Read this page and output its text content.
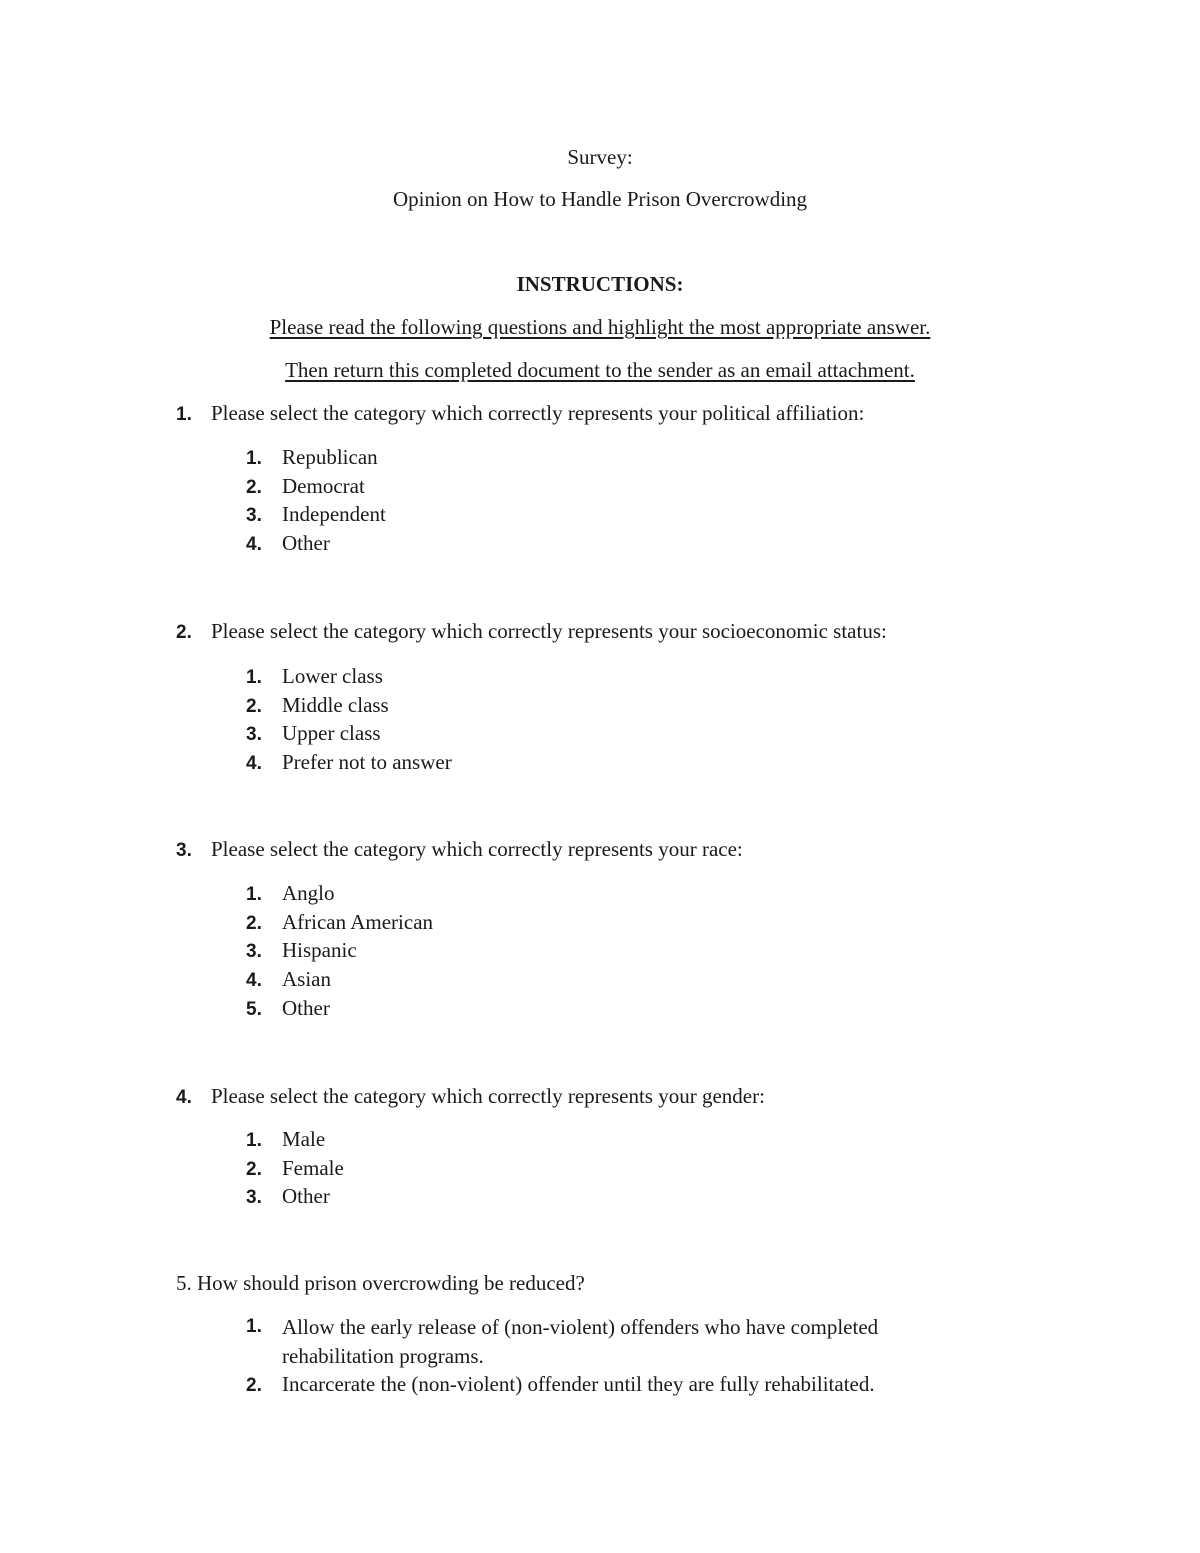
Survey:
Opinion on How to Handle Prison Overcrowding
INSTRUCTIONS:
Please read the following questions and highlight the most appropriate answer.
Then return this completed document to the sender as an email attachment.
1. Please select the category which correctly represents your political affiliation:
1. Republican
2. Democrat
3. Independent
4. Other
2. Please select the category which correctly represents your socioeconomic status:
1. Lower class
2. Middle class
3. Upper class
4. Prefer not to answer
3. Please select the category which correctly represents your race:
1. Anglo
2. African American
3. Hispanic
4. Asian
5. Other
4. Please select the category which correctly represents your gender:
1. Male
2. Female
3. Other
5. How should prison overcrowding be reduced?
1. Allow the early release of (non-violent) offenders who have completed rehabilitation programs.
2. Incarcerate the (non-violent) offender until they are fully rehabilitated.
